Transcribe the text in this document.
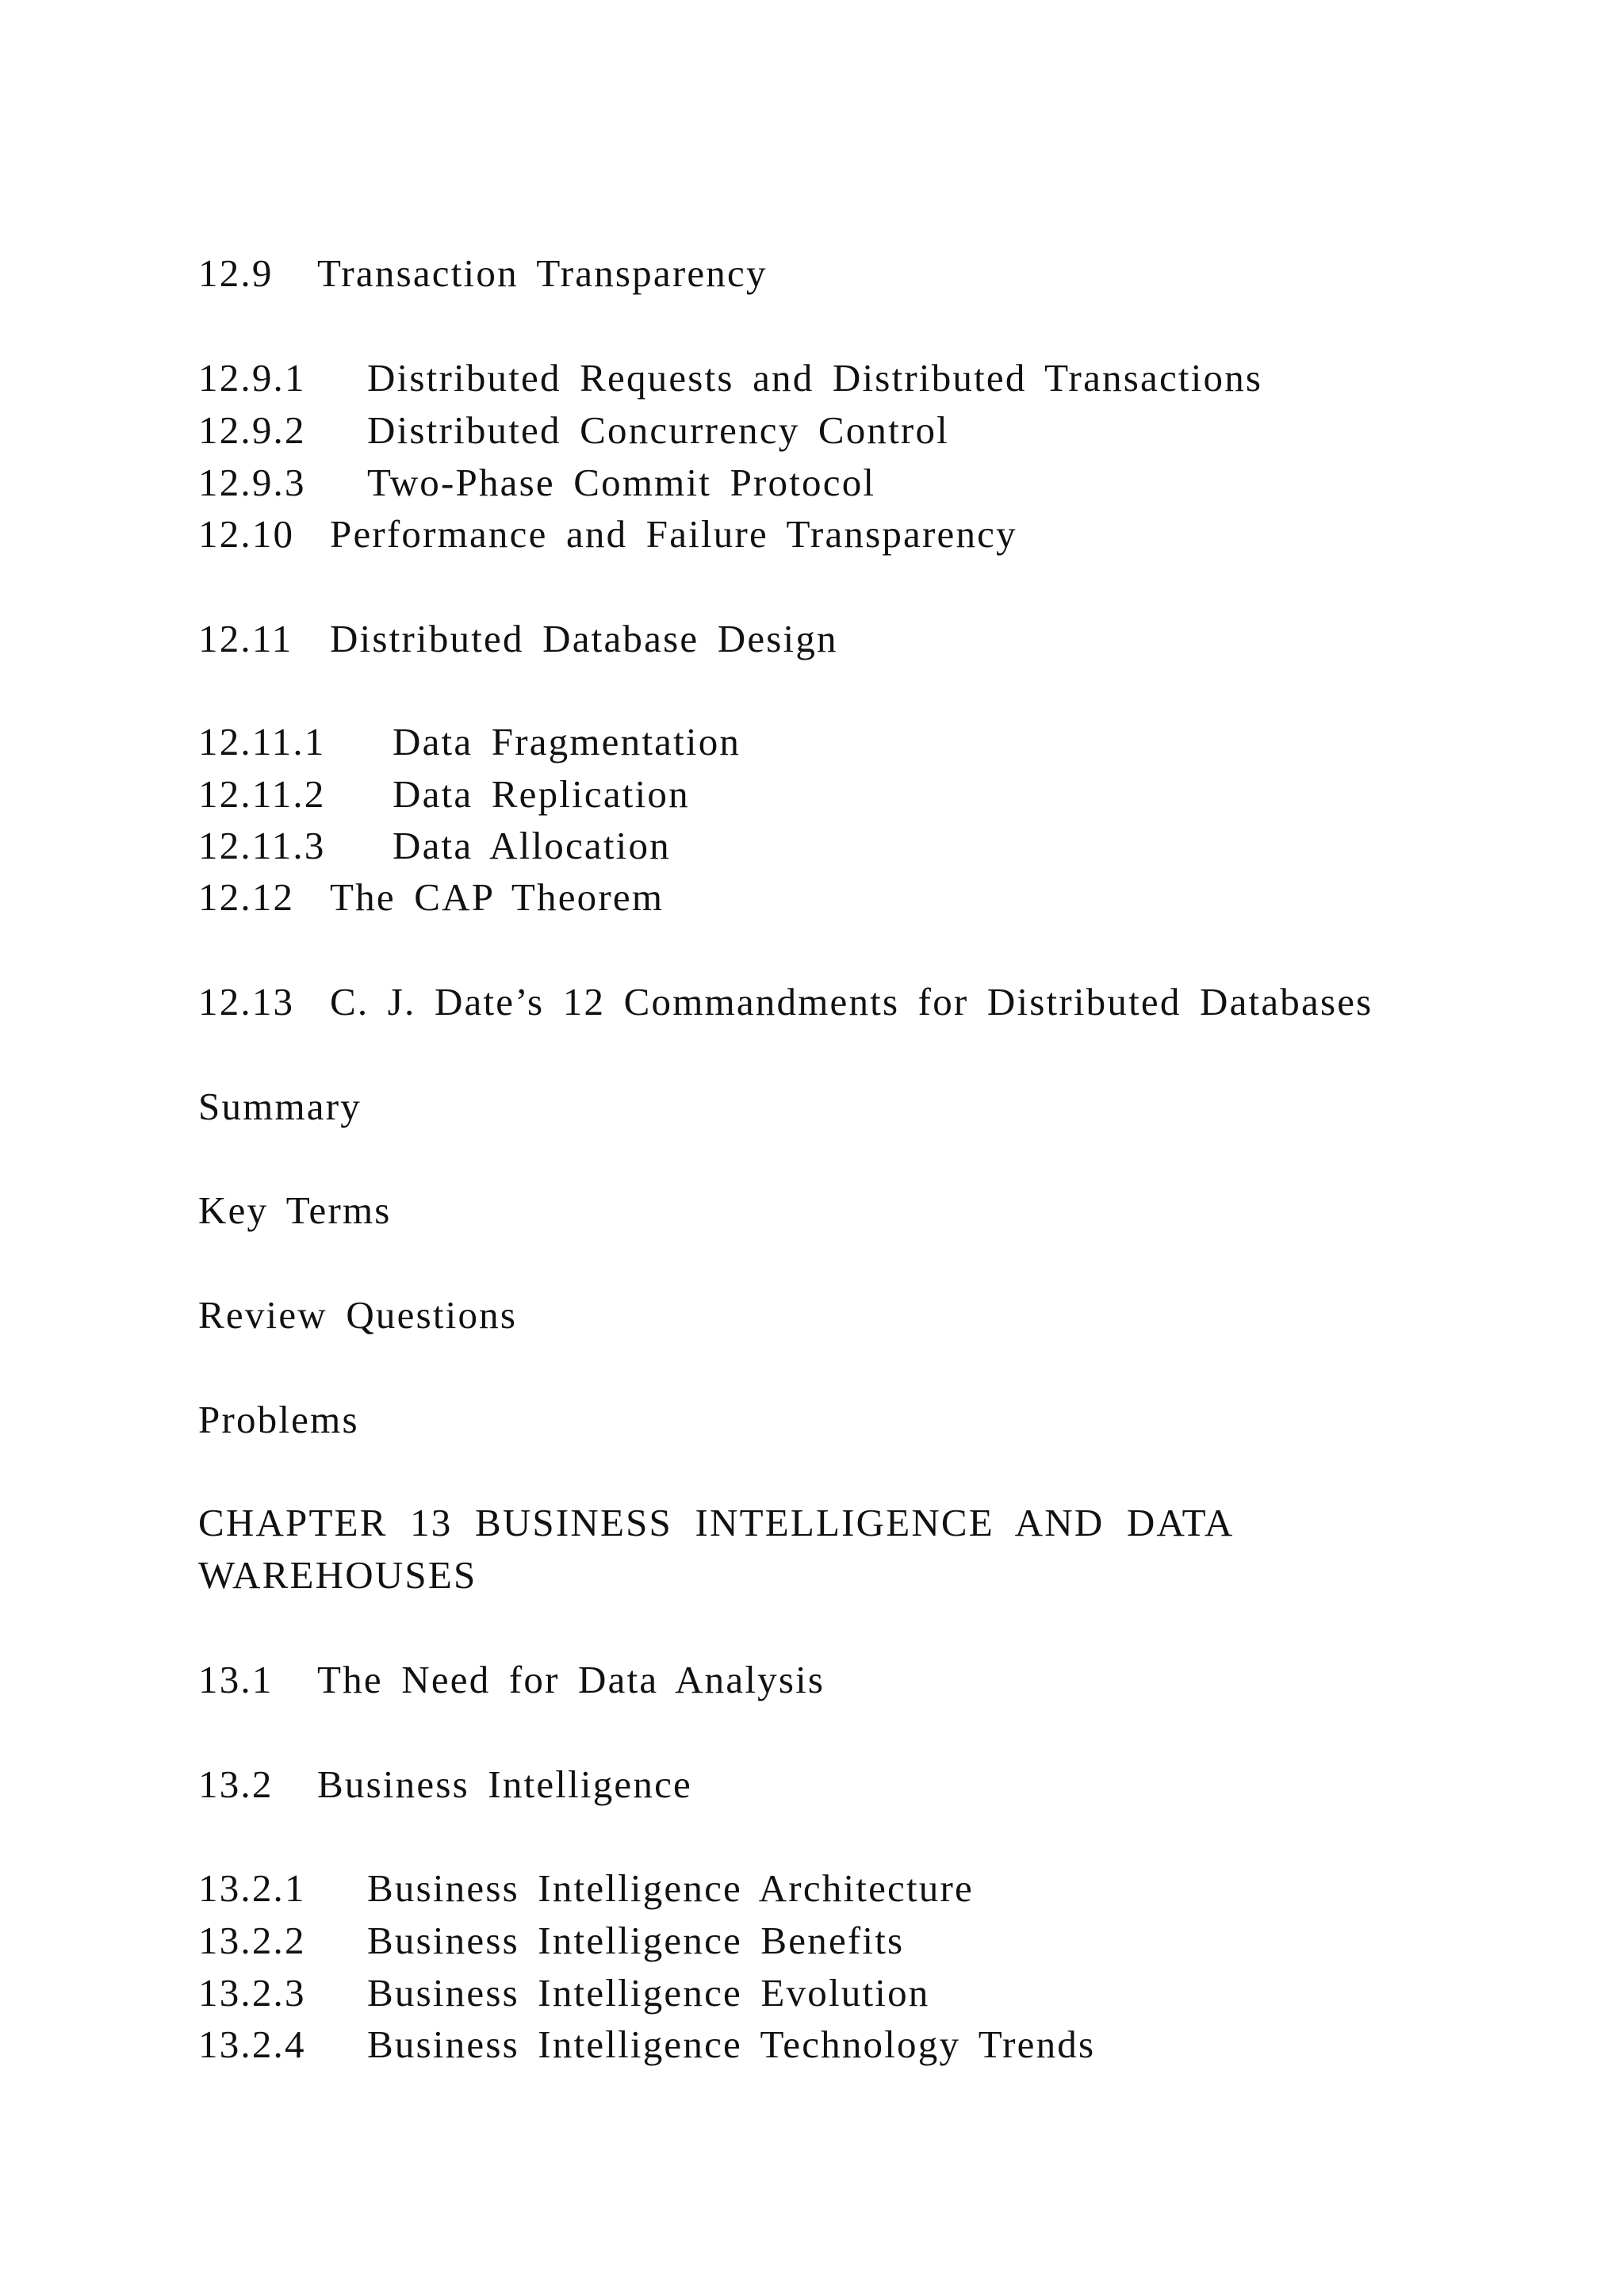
12.9 Transaction Transparency
12.9.1 Distributed Requests and Distributed Transactions
12.9.2 Distributed Concurrency Control
12.9.3 Two-Phase Commit Protocol
12.10 Performance and Failure Transparency
12.11 Distributed Database Design
12.11.1 Data Fragmentation
12.11.2 Data Replication
12.11.3 Data Allocation
12.12 The CAP Theorem
12.13 C. J. Date’s 12 Commandments for Distributed Databases
Summary
Key Terms
Review Questions
Problems
CHAPTER 13 BUSINESS INTELLIGENCE AND DATA
WAREHOUSES
13.1 The Need for Data Analysis
13.2 Business Intelligence
13.2.1 Business Intelligence Architecture
13.2.2 Business Intelligence Benefits
13.2.3 Business Intelligence Evolution
13.2.4 Business Intelligence Technology Trends
